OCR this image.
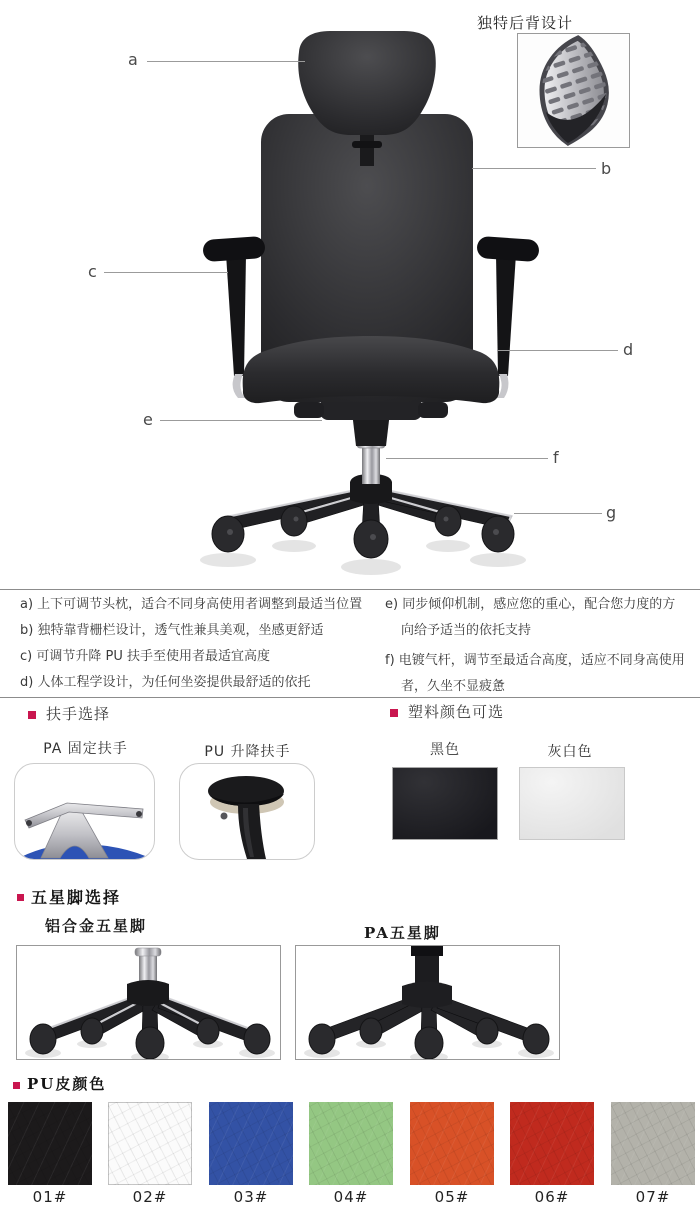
a
b
c
d
e
f
g
独特后背设计

a) 上下可调节头枕，适合不同身高使用者调整到最适当位置

b) 独特靠背栅栏设计，透气性兼具美观，坐感更舒适

c) 可调节升降 PU 扶手至使用者最适宜高度

d) 人体工程学设计，为任何坐姿提供最舒适的依托

e) 同步倾仰机制，感应您的重心，配合您力度的方向给予适当的依托支持

f) 电镀气杆，调节至最适合高度，适应不同身高使用者，久坐不显疲惫

扶手选择
PA 固定扶手	PU 升降扶手
塑料颜色可选
黑色	灰白色
五星脚选择
铝合金五星脚	PA五星脚
PU皮颜色
01#	02#	03#	04#	05#	06#	07#
